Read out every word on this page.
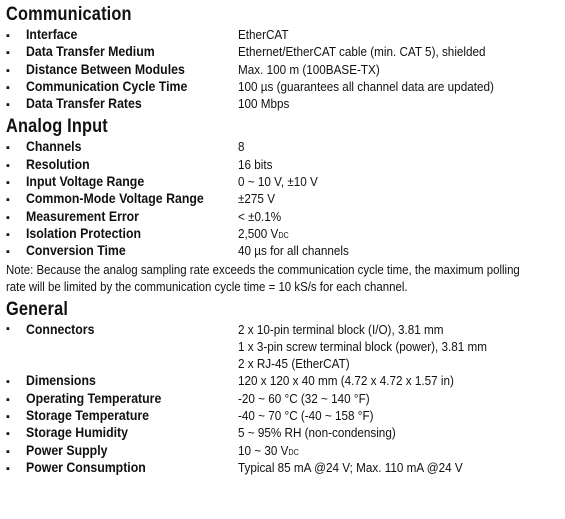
Communication
▪
Interface	EtherCAT
▪
Data Transfer Medium	Ethernet/EtherCAT cable (min. CAT 5), shielded
▪
Distance Between Modules	Max. 100 m (100BASE-TX)
▪
Communication Cycle Time	100 µs (guarantees all channel data are updated)
▪
Data Transfer Rates	100 Mbps
Analog Input
▪
Channels	8
▪
Resolution	16 bits
▪
Input Voltage Range	0 ~ 10 V, ±10 V
▪
Common-Mode Voltage Range	±275 V
▪
Measurement Error	< ±0.1%
▪
Isolation Protection	2,500 VDC
▪
Conversion Time	40 µs for all channels
Note: Because the analog sampling rate exceeds the communication cycle time, the maximum polling
rate will be limited by the communication cycle time = 10 kS/s for each channel.
General
▪
Connectors	2 x 10-pin terminal block (I/O), 3.81 mm
1 x 3-pin screw terminal block (power), 3.81 mm
2 x RJ-45 (EtherCAT)
▪
Dimensions	120 x 120 x 40 mm (4.72 x 4.72 x 1.57 in)
▪
Operating Temperature	-20 ~ 60 °C (32 ~ 140 °F)
▪
Storage Temperature	-40 ~ 70 °C (-40 ~ 158 °F)
▪
Storage Humidity	5 ~ 95% RH (non-condensing)
▪
Power Supply	10 ~ 30 VDC
▪
Power Consumption	Typical 85 mA @24 V; Max. 110 mA @24 V
